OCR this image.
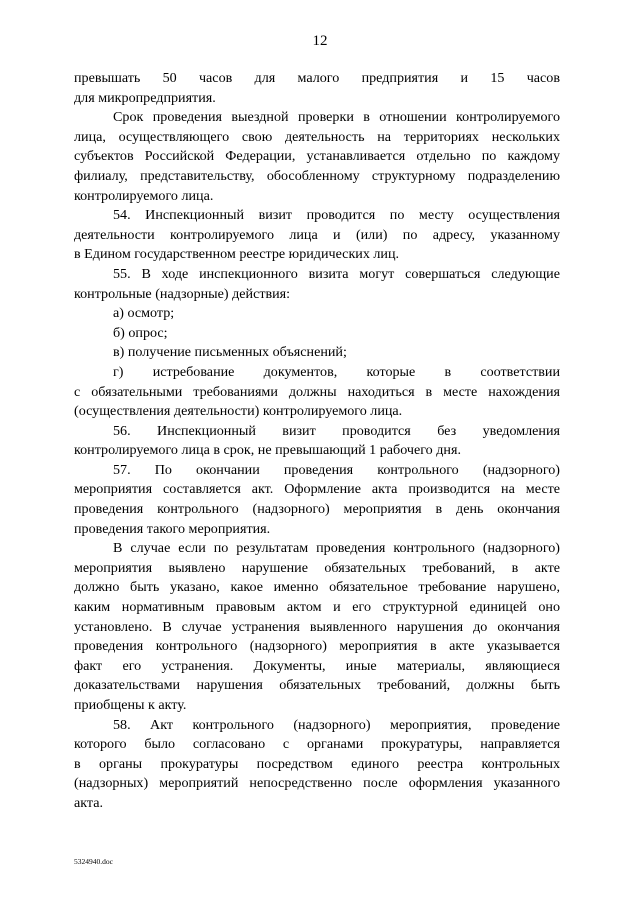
12
превышать 50 часов для малого предприятия и 15 часов
для микропредприятия.
Срок проведения выездной проверки в отношении контролируемого
лица, осуществляющего свою деятельность на территориях нескольких
субъектов Российской Федерации, устанавливается отдельно по каждому
филиалу, представительству, обособленному структурному подразделению
контролируемого лица.
54. Инспекционный визит проводится по месту осуществления
деятельности контролируемого лица и (или) по адресу, указанному
в Едином государственном реестре юридических лиц.
55. В ходе инспекционного визита могут совершаться следующие
контрольные (надзорные) действия:
а) осмотр;
б) опрос;
в) получение письменных объяснений;
г) истребование документов, которые в соответствии
с обязательными требованиями должны находиться в месте нахождения
(осуществления деятельности) контролируемого лица.
56. Инспекционный визит проводится без уведомления
контролируемого лица в срок, не превышающий 1 рабочего дня.
57. По окончании проведения контрольного (надзорного)
мероприятия составляется акт. Оформление акта производится на месте
проведения контрольного (надзорного) мероприятия в день окончания
проведения такого мероприятия.
В случае если по результатам проведения контрольного (надзорного)
мероприятия выявлено нарушение обязательных требований, в акте
должно быть указано, какое именно обязательное требование нарушено,
каким нормативным правовым актом и его структурной единицей оно
установлено. В случае устранения выявленного нарушения до окончания
проведения контрольного (надзорного) мероприятия в акте указывается
факт его устранения. Документы, иные материалы, являющиеся
доказательствами нарушения обязательных требований, должны быть
приобщены к акту.
58. Акт контрольного (надзорного) мероприятия, проведение
которого было согласовано с органами прокуратуры, направляется
в органы прокуратуры посредством единого реестра контрольных
(надзорных) мероприятий непосредственно после оформления указанного
акта.
5324940.doc
